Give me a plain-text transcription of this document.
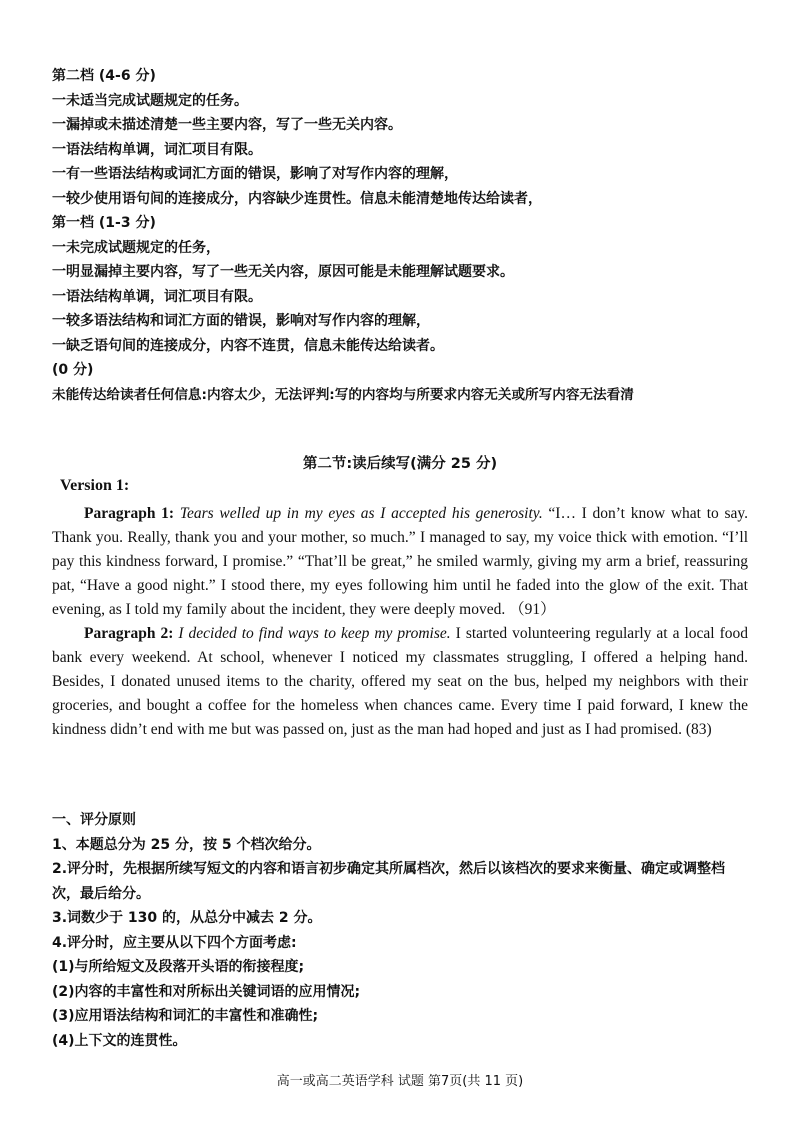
第二档 (4-6 分)

一未适当完成试题规定的任务。

一漏掉或未描述清楚一些主要内容，写了一些无关内容。

一语法结构单调，词汇项目有限。

一有一些语法结构或词汇方面的错误，影响了对写作内容的理解，

一较少使用语句间的连接成分，内容缺少连贯性。信息未能清楚地传达给读者，

第一档 (1-3 分)

一未完成试题规定的任务，

一明显漏掉主要内容，写了一些无关内容，原因可能是未能理解试题要求。

一语法结构单调，词汇项目有限。

一较多语法结构和词汇方面的错误，影响对写作内容的理解，

一缺乏语句间的连接成分，内容不连贯，信息未能传达给读者。

(0 分)

未能传达给读者任何信息:内容太少，无法评判:写的内容均与所要求内容无关或所写内容无法看清

第二节:读后续写(满分 25 分)
Version 1:

Paragraph 1: Tears welled up in my eyes as I accepted his generosity. “I… I don’t know what to say. Thank you. Really, thank you and your mother, so much.” I managed to say, my voice thick with emotion. “I’ll pay this kindness forward, I promise.” “That’ll be great,” he smiled warmly, giving my arm a brief, reassuring pat, “Have a good night.” I stood there, my eyes following him until he faded into the glow of the exit. That evening, as I told my family about the incident, they were deeply moved. （91）

Paragraph 2: I decided to find ways to keep my promise. I started volunteering regularly at a local food bank every weekend. At school, whenever I noticed my classmates struggling, I offered a helping hand. Besides, I donated unused items to the charity, offered my seat on the bus, helped my neighbors with their groceries, and bought a coffee for the homeless when chances came. Every time I paid forward, I knew the kindness didn’t end with me but was passed on, just as the man had hoped and just as I had promised. (83)

一、评分原则

1、本题总分为 25 分，按 5 个档次给分。

2.评分时，先根据所续写短文的内容和语言初步确定其所属档次，然后以该档次的要求来衡量、确定或调整档次，最后给分。

3.词数少于 130 的，从总分中减去 2 分。

4.评分时，应主要从以下四个方面考虑:

(1)与所给短文及段落开头语的衔接程度;

(2)内容的丰富性和对所标出关键词语的应用情况;

(3)应用语法结构和词汇的丰富性和准确性;

(4)上下文的连贯性。

高一或高二英语学科 试题 第7页(共 11 页)
